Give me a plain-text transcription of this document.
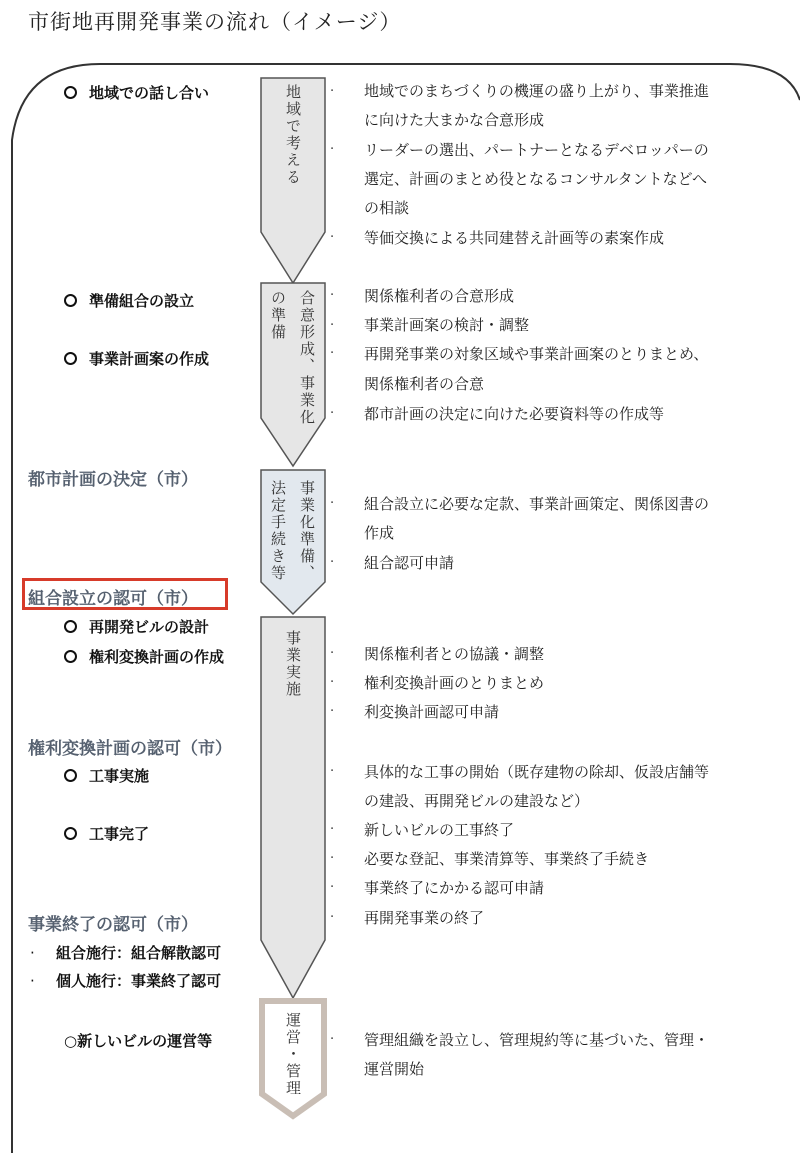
市街地再開発事業の流れ（イメージ）
地域で考える
合意形成、事業化
の準備
事業化準備、
法定手続き等
事業実施
運営・管理
地域での話し合い
準備組合の設立
事業計画案の作成
都市計画の決定（市）
組合設立の認可（市）
再開発ビルの設計
権利変換計画の作成
権利変換計画の認可（市）
工事実施
工事完了
事業終了の認可（市）
· 組合施行：組合解散認可
· 個人施行：事業終了認可
○新しいビルの運営等
·
·
·
·
·
·
·
·
·
·
·
·
·
·
·
·
·
·
地域でのまちづくりの機運の盛り上がり、事業推進
に向けた大まかな合意形成
リーダーの選出、パートナーとなるデベロッパーの
選定、計画のまとめ役となるコンサルタントなどへ
の相談
等価交換による共同建替え計画等の素案作成
関係権利者の合意形成
事業計画案の検討・調整
再開発事業の対象区域や事業計画案のとりまとめ、
関係権利者の合意
都市計画の決定に向けた必要資料等の作成等
組合設立に必要な定款、事業計画策定、関係図書の
作成
組合認可申請
関係権利者との協議・調整
権利変換計画のとりまとめ
利変換計画認可申請
具体的な工事の開始（既存建物の除却、仮設店舗等
の建設、再開発ビルの建設など）
新しいビルの工事終了
必要な登記、事業清算等、事業終了手続き
事業終了にかかる認可申請
再開発事業の終了
管理組織を設立し、管理規約等に基づいた、管理・
運営開始
